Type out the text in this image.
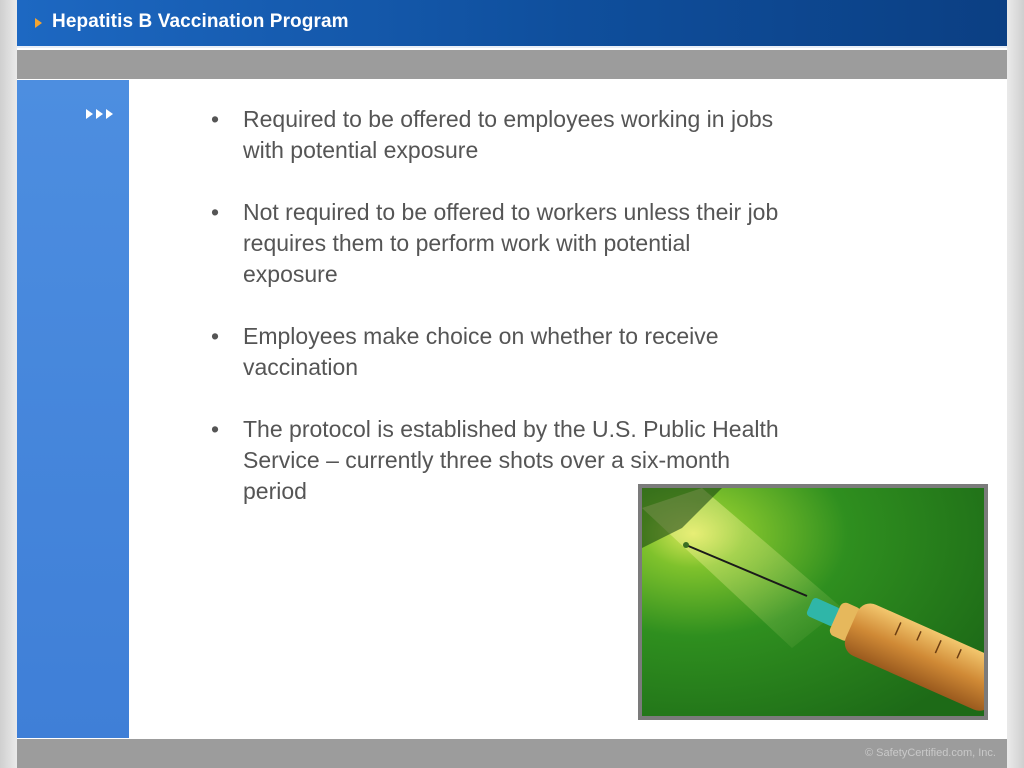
Hepatitis B Vaccination Program
• Required to be offered to employees working in jobs with potential exposure
• Not required to be offered to workers unless their job requires them to perform work with potential exposure
• Employees make choice on whether to receive vaccination
• The protocol is established by the U.S. Public Health Service – currently three shots over a six-month period
© SafetyCertified.com, Inc.
